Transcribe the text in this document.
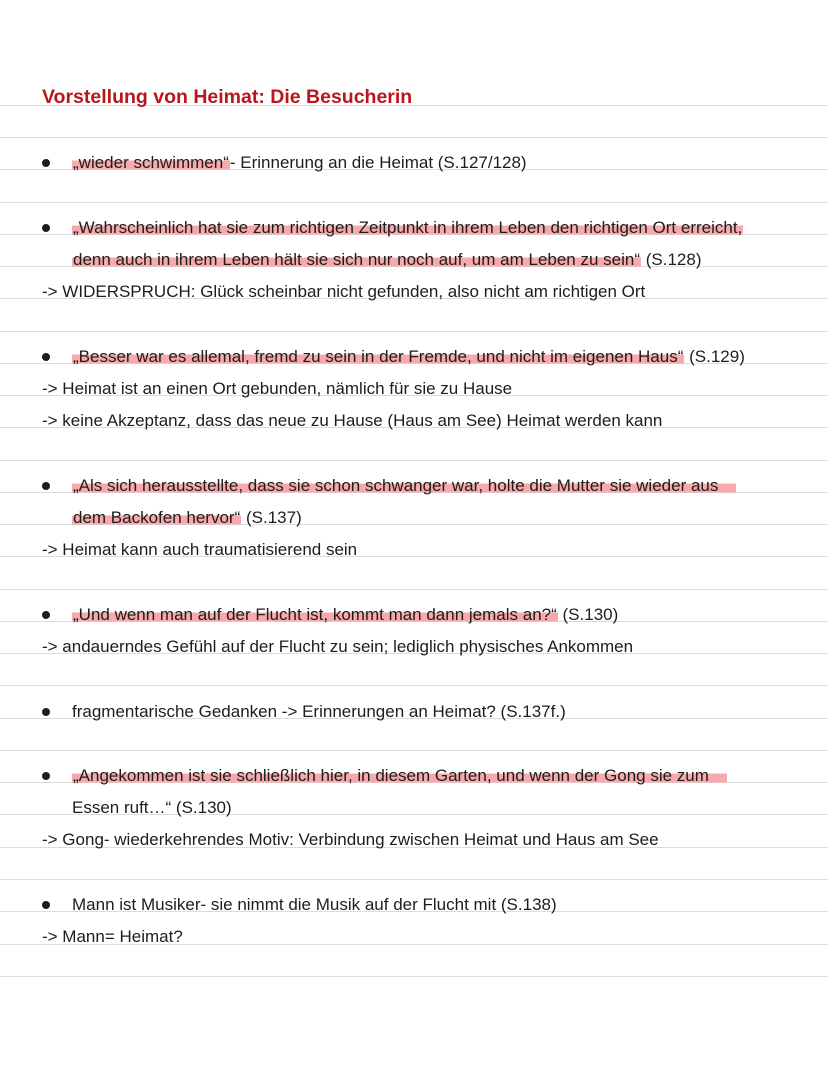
Vorstellung von Heimat: Die Besucherin
„wieder schwimmen“- Erinnerung an die Heimat (S.127/128)
„Wahrscheinlich hat sie zum richtigen Zeitpunkt in ihrem Leben den richtigen Ort erreicht,
denn auch in ihrem Leben hält sie sich nur noch auf, um am Leben zu sein“ (S.128)
-> WIDERSPRUCH: Glück scheinbar nicht gefunden, also nicht am richtigen Ort
„Besser war es allemal, fremd zu sein in der Fremde, und nicht im eigenen Haus“ (S.129)
-> Heimat ist an einen Ort gebunden, nämlich für sie zu Hause
-> keine Akzeptanz, dass das neue zu Hause (Haus am See) Heimat werden kann
„Als sich herausstellte, dass sie schon schwanger war, holte die Mutter sie wieder aus
dem Backofen hervor“ (S.137)
-> Heimat kann auch traumatisierend sein
„Und wenn man auf der Flucht ist, kommt man dann jemals an?“ (S.130)
-> andauerndes Gefühl auf der Flucht zu sein; lediglich physisches Ankommen
fragmentarische Gedanken -> Erinnerungen an Heimat? (S.137f.)
„Angekommen ist sie schließlich hier, in diesem Garten, und wenn der Gong sie zum
Essen ruft…“ (S.130)
-> Gong- wiederkehrendes Motiv: Verbindung zwischen Heimat und Haus am See
Mann ist Musiker- sie nimmt die Musik auf der Flucht mit (S.138)
-> Mann= Heimat?
